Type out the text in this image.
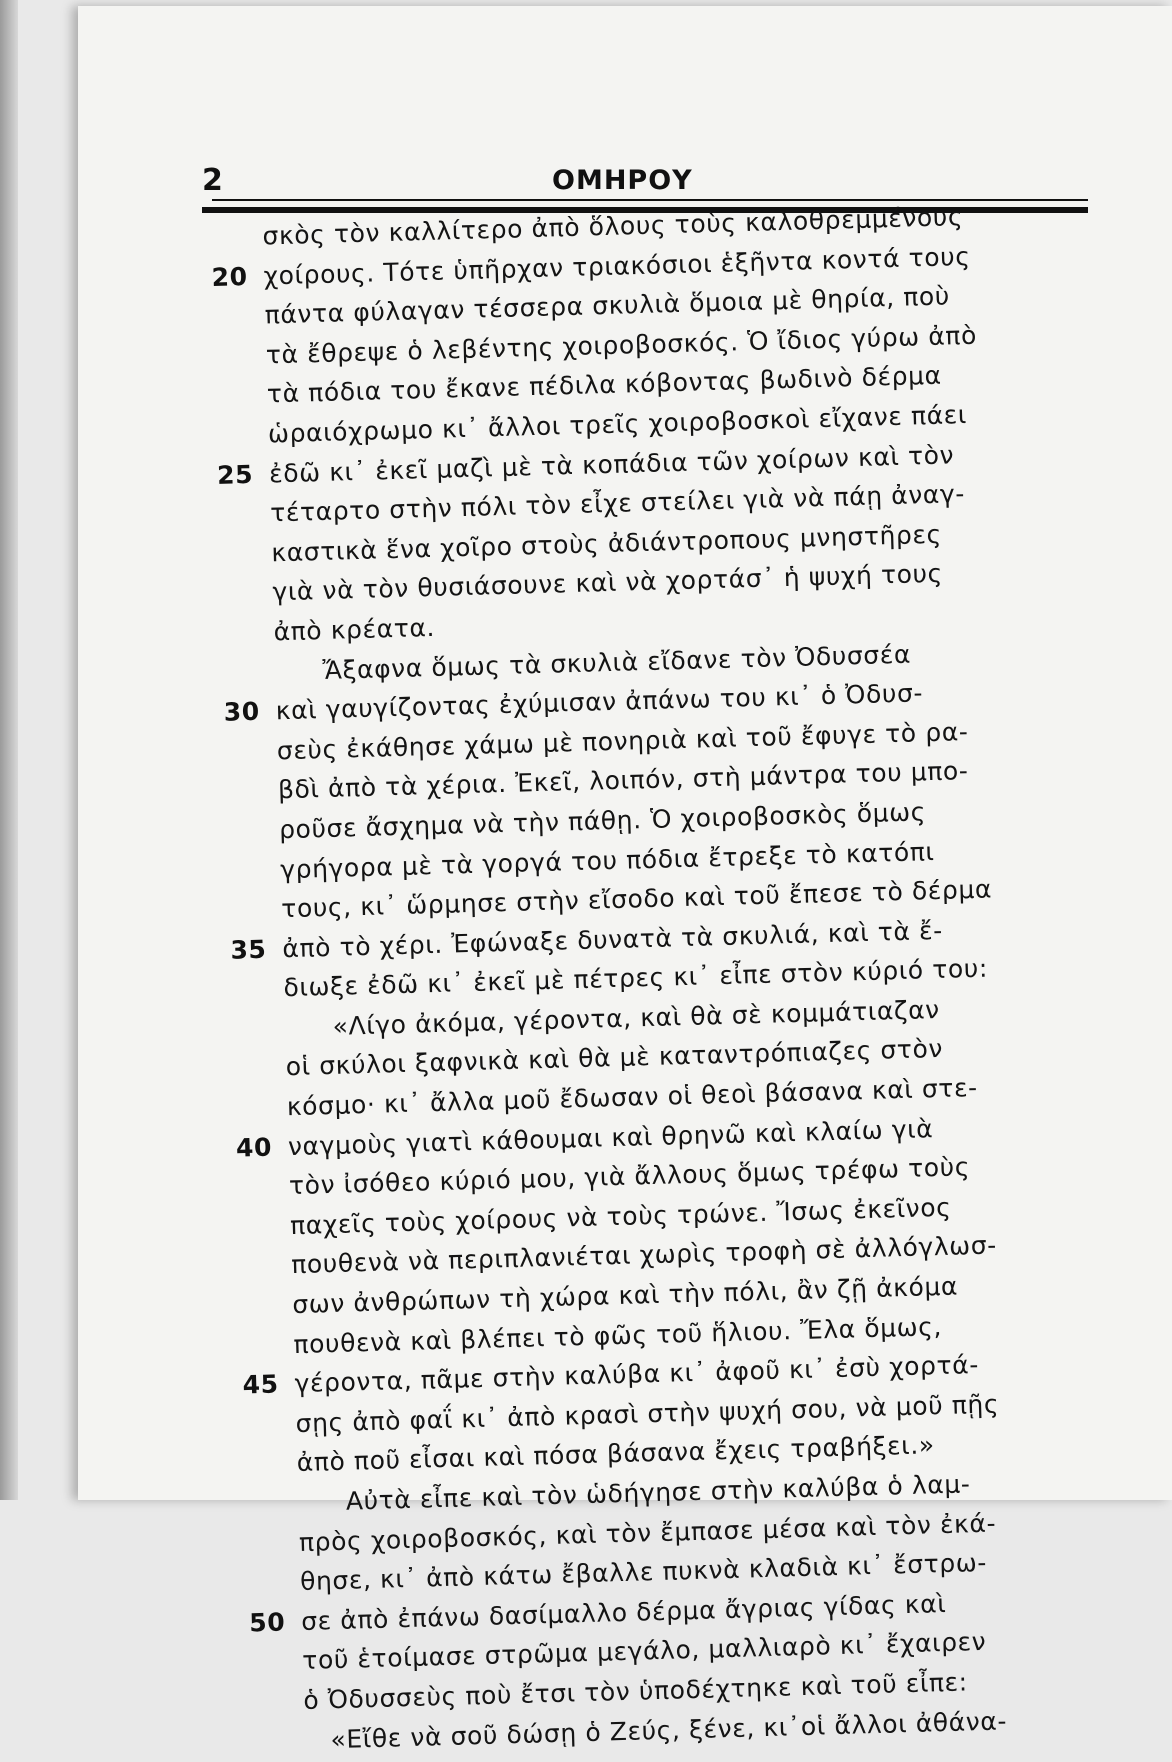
2	ΟΜΗΡΟΥ
σκὸς τὸν καλλίτερο ἀπὸ ὅλους τοὺς καλοθρεμμένους
20 χοίρους. Τότε ὑπῆρχαν τριακόσιοι ἑξῆντα κοντά τους
πάντα φύλαγαν τέσσερα σκυλιὰ ὅμοια μὲ θηρία, ποὺ
τὰ ἔθρεψε ὁ λεβέντης χοιροβοσκός. Ὁ ἴδιος γύρω ἀπὸ
τὰ πόδια του ἔκανε πέδιλα κόβοντας βωδινὸ δέρμα
ὡραιόχρωμο κι᾿ ἄλλοι τρεῖς χοιροβοσκοὶ εἴχανε πάει
25 ἐδῶ κι᾿ ἐκεῖ μαζὶ μὲ τὰ κοπάδια τῶν χοίρων καὶ τὸν
τέταρτο στὴν πόλι τὸν εἶχε στείλει γιὰ νὰ πάῃ ἀναγ-
καστικὰ ἕνα χοῖρο στοὺς ἀδιάντροπους μνηστῆρες
γιὰ νὰ τὸν θυσιάσουνε καὶ νὰ χορτάσ᾿ ἡ ψυχή τους
ἀπὸ κρέατα.
Ἄξαφνα ὅμως τὰ σκυλιὰ εἴδανε τὸν Ὀδυσσέα
30 καὶ γαυγίζοντας ἐχύμισαν ἀπάνω του κι᾿ ὁ Ὀδυσ-
σεὺς ἐκάθησε χάμω μὲ πονηριὰ καὶ τοῦ ἔφυγε τὸ ρα-
βδὶ ἀπὸ τὰ χέρια. Ἐκεῖ, λοιπόν, στὴ μάντρα του μπο-
ροῦσε ἄσχημα νὰ τὴν πάθῃ. Ὁ χοιροβοσκὸς ὅμως
γρήγορα μὲ τὰ γοργά του πόδια ἔτρεξε τὸ κατόπι
τους, κι᾿ ὥρμησε στὴν εἴσοδο καὶ τοῦ ἔπεσε τὸ δέρμα
35 ἀπὸ τὸ χέρι. Ἐφώναξε δυνατὰ τὰ σκυλιά, καὶ τὰ ἔ-
διωξε ἐδῶ κι᾿ ἐκεῖ μὲ πέτρες κι᾿ εἶπε στὸν κύριό του:
«Λίγο ἀκόμα, γέροντα, καὶ θὰ σὲ κομμάτιαζαν
οἱ σκύλοι ξαφνικὰ καὶ θὰ μὲ καταντρόπιαζες στὸν
κόσμο· κι᾿ ἄλλα μοῦ ἔδωσαν οἱ θεοὶ βάσανα καὶ στε-
40 ναγμοὺς γιατὶ κάθουμαι καὶ θρηνῶ καὶ κλαίω γιὰ
τὸν ἰσόθεο κύριό μου, γιὰ ἄλλους ὅμως τρέφω τοὺς
παχεῖς τοὺς χοίρους νὰ τοὺς τρώνε. Ἴσως ἐκεῖνος
πουθενὰ νὰ περιπλανιέται χωρὶς τροφὴ σὲ ἀλλόγλωσ-
σων ἀνθρώπων τὴ χώρα καὶ τὴν πόλι, ἂν ζῇ ἀκόμα
πουθενὰ καὶ βλέπει τὸ φῶς τοῦ ἥλιου. Ἔλα ὅμως,
45 γέροντα, πᾶμε στὴν καλύβα κι᾿ ἀφοῦ κι᾿ ἐσὺ χορτά-
σῃς ἀπὸ φαΐ κι᾿ ἀπὸ κρασὶ στὴν ψυχή σου, νὰ μοῦ πῇς
ἀπὸ ποῦ εἶσαι καὶ πόσα βάσανα ἔχεις τραβήξει.»
Αὐτὰ εἶπε καὶ τὸν ὡδήγησε στὴν καλύβα ὁ λαμ-
πρὸς χοιροβοσκός, καὶ τὸν ἔμπασε μέσα καὶ τὸν ἐκά-
θησε, κι᾿ ἀπὸ κάτω ἔβαλλε πυκνὰ κλαδιὰ κι᾿ ἔστρω-
50 σε ἀπὸ ἐπάνω δασίμαλλο δέρμα ἄγριας γίδας καὶ
τοῦ ἑτοίμασε στρῶμα μεγάλο, μαλλιαρὸ κι᾿ ἔχαιρεν
ὁ Ὀδυσσεὺς ποὺ ἔτσι τὸν ὑποδέχτηκε καὶ τοῦ εἶπε:
«Εἴθε νὰ σοῦ δώσῃ ὁ Ζεύς, ξένε, κι᾿οἱ ἄλλοι ἀθάνα-
